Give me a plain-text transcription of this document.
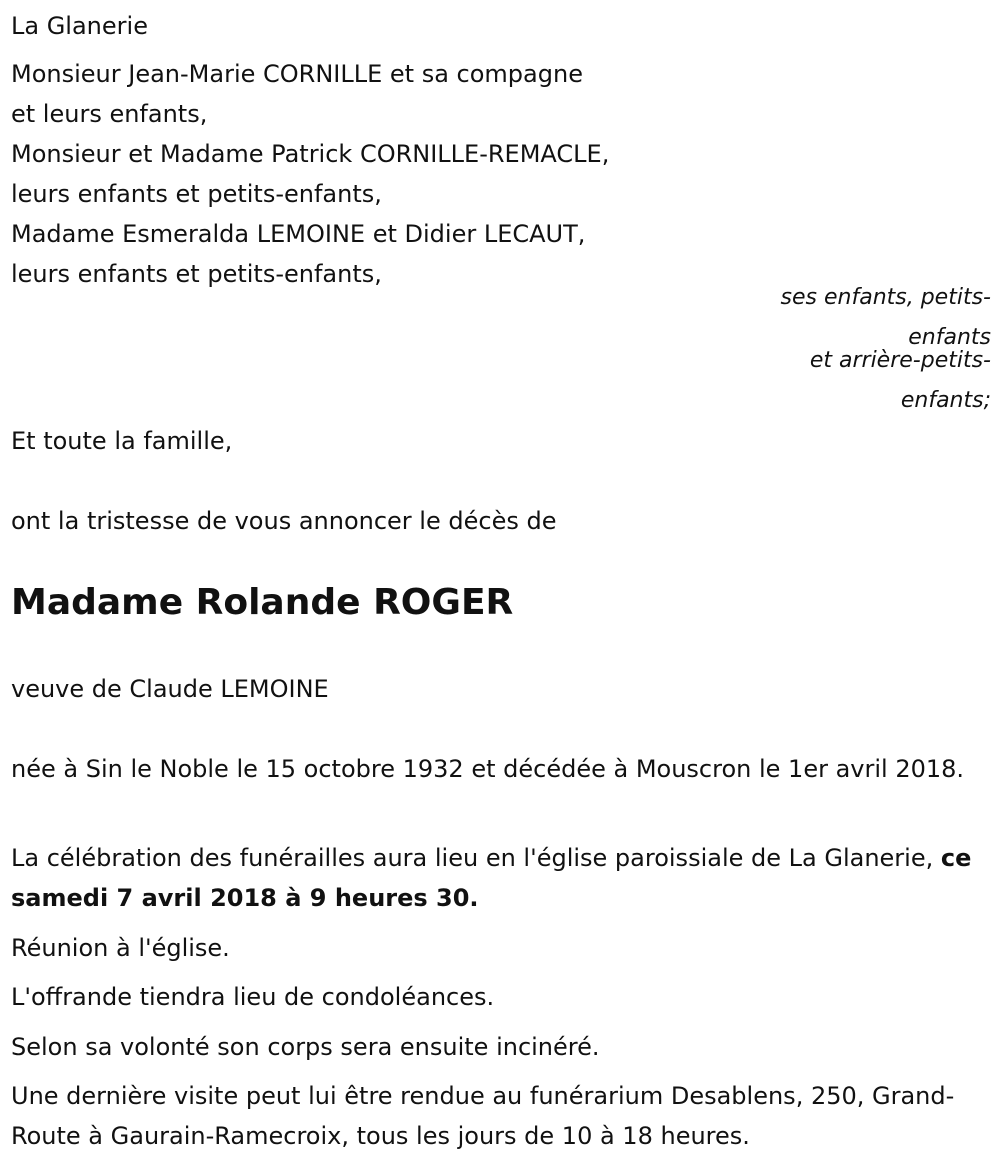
La Glanerie

Monsieur Jean-Marie CORNILLE et sa compagne

et leurs enfants,

Monsieur et Madame Patrick CORNILLE-REMACLE,

leurs enfants et petits-enfants,

Madame Esmeralda LEMOINE et Didier LECAUT,

leurs enfants et petits-enfants,

ses enfants, petits-

enfants

et arrière-petits-

enfants;

Et toute la famille,

ont la tristesse de vous annoncer le décès de

Madame Rolande ROGER

veuve de Claude LEMOINE

née à Sin le Noble le 15 octobre 1932 et décédée à Mouscron le 1er avril 2018.

La célébration des funérailles aura lieu en l'église paroissiale de La Glanerie, ce samedi 7 avril 2018 à 9 heures 30.

Réunion à l'église.

L'offrande tiendra lieu de condoléances.

Selon sa volonté son corps sera ensuite incinéré.

Une dernière visite peut lui être rendue au funérarium Desablens, 250, Grand-Route à Gaurain-Ramecroix, tous les jours de 10 à 18 heures.
